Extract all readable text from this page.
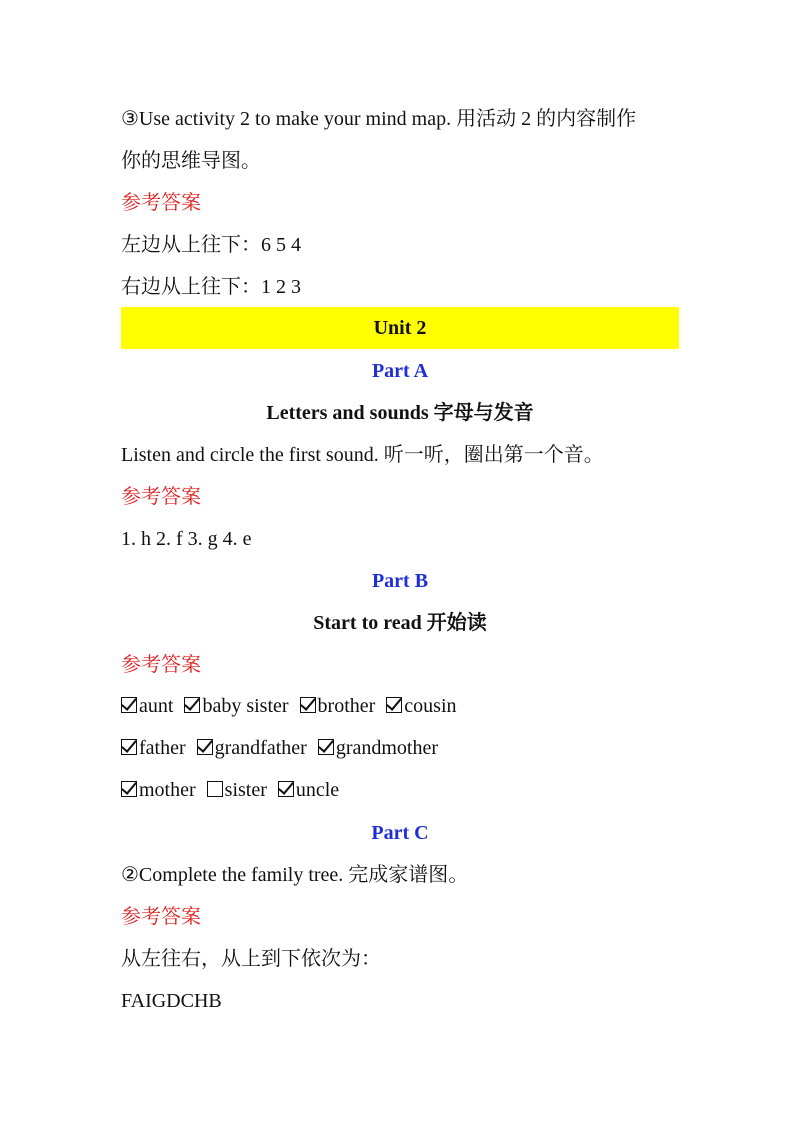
③Use activity 2 to make your mind map. 用活动 2 的内容制作
你的思维导图。
参考答案
左边从上往下：6 5 4
右边从上往下：1 2 3
Unit 2
Part A
Letters and sounds 字母与发音
Listen and circle the first sound. 听一听，圈出第一个音。
参考答案
1. h 2. f 3. g 4. e
Part B
Start to read 开始读
参考答案
aunt baby sister brother cousin
father grandfather grandmother
mother sister uncle
Part C
②Complete the family tree. 完成家谱图。
参考答案
从左往右，从上到下依次为：
FAIGDCHB
